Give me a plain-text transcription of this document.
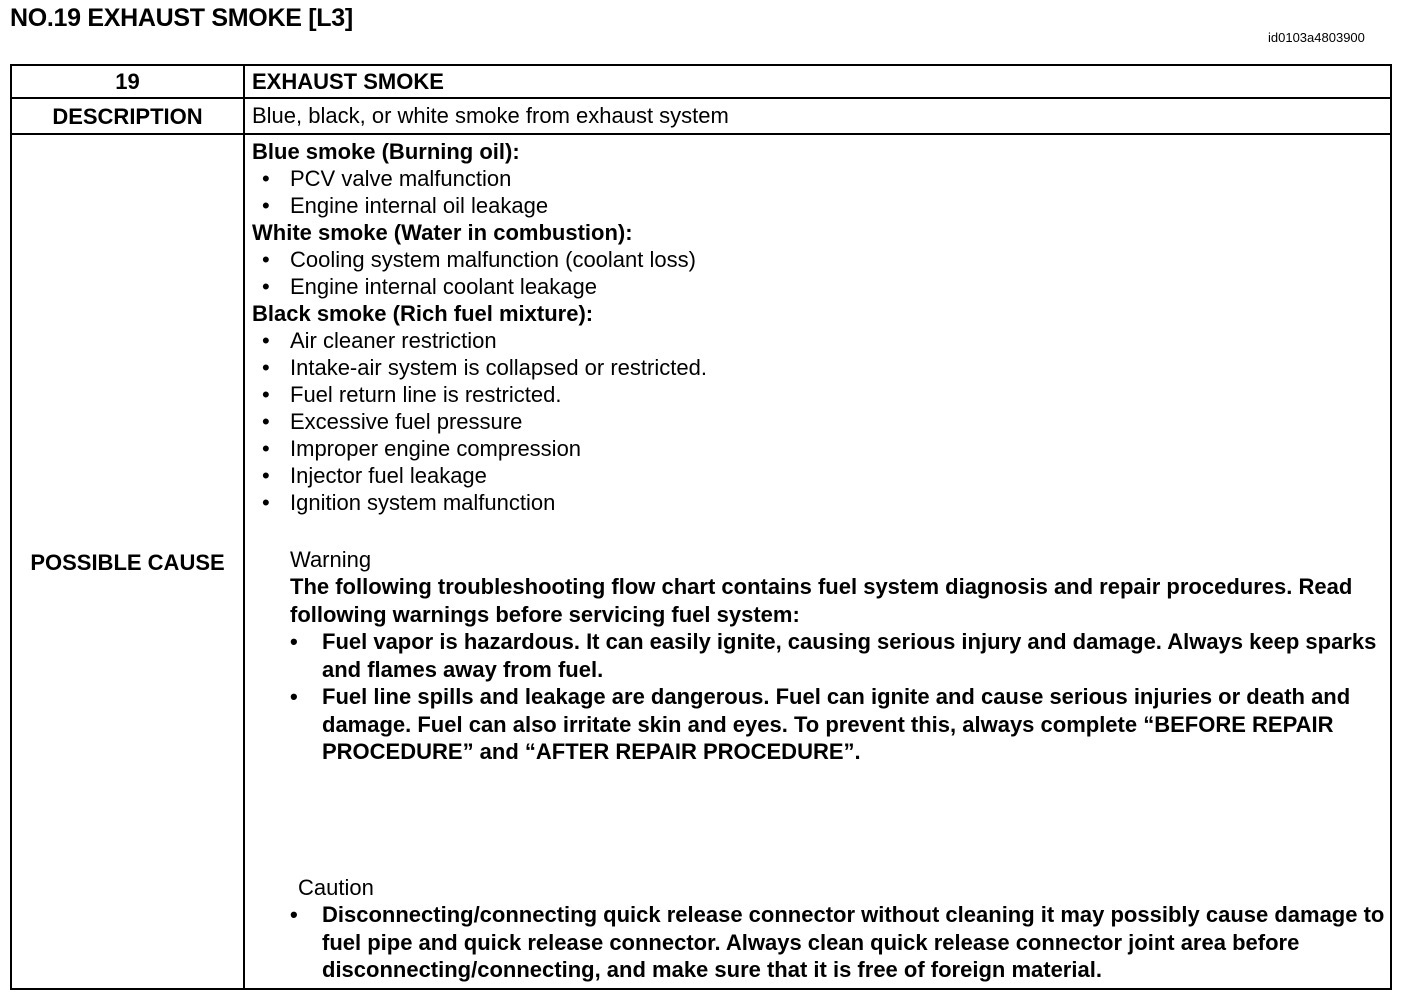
NO.19 EXHAUST SMOKE [L3]
id0103a4803900
19	EXHAUST SMOKE
DESCRIPTION	Blue, black, or white smoke from exhaust system
POSSIBLE CAUSE
Blue smoke (Burning oil):
• PCV valve malfunction
• Engine internal oil leakage
White smoke (Water in combustion):
• Cooling system malfunction (coolant loss)
• Engine internal coolant leakage
Black smoke (Rich fuel mixture):
• Air cleaner restriction
• Intake-air system is collapsed or restricted.
• Fuel return line is restricted.
• Excessive fuel pressure
• Improper engine compression
• Injector fuel leakage
• Ignition system malfunction
Warning
The following troubleshooting flow chart contains fuel system diagnosis and repair procedures. Read following warnings before servicing fuel system:
• Fuel vapor is hazardous. It can easily ignite, causing serious injury and damage. Always keep sparks and flames away from fuel.
• Fuel line spills and leakage are dangerous. Fuel can ignite and cause serious injuries or death and damage. Fuel can also irritate skin and eyes. To prevent this, always complete “BEFORE REPAIR PROCEDURE” and “AFTER REPAIR PROCEDURE”.
Caution
• Disconnecting/connecting quick release connector without cleaning it may possibly cause damage to fuel pipe and quick release connector. Always clean quick release connector joint area before disconnecting/connecting, and make sure that it is free of foreign material.
